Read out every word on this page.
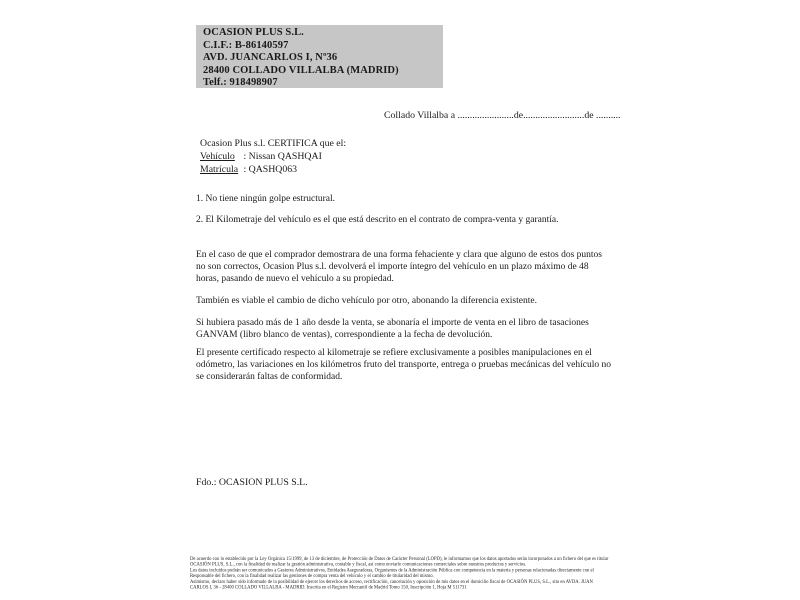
OCASION PLUS S.L.
C.I.F.: B-86140597
AVD. JUANCARLOS I, Nº36
28400 COLLADO VILLALBA (MADRID)
Telf.: 918498907
Collado Villalba a .......................de.........................de ..........
Ocasion Plus s.l. CERTIFICA que el:
Vehículo : Nissan QASHQAI
Matrícula : QASHQ063
1. No tiene ningún golpe estructural.
2. El Kilometraje del vehículo es el que está descrito en el contrato de compra-venta y garantía.
En el caso de que el comprador demostrara de una forma fehaciente y clara que alguno de estos dos puntos no son correctos, Ocasion Plus s.l. devolverá el importe íntegro del vehículo en un plazo máximo de 48 horas, pasando de nuevo el vehículo a su propiedad.
También es viable el cambio de dicho vehículo por otro, abonando la diferencia existente.
Si hubiera pasado más de 1 año desde la venta, se abonaría el importe de venta en el libro de tasaciones GANVAM (libro blanco de ventas), correspondiente a la fecha de devolución.
El presente certificado respecto al kilometraje se refiere exclusivamente a posibles manipulaciones en el odómetro, las variaciones en los kilómetros fruto del transporte, entrega o pruebas mecánicas del vehículo no se considerarán faltas de conformidad.
Fdo.: OCASION PLUS S.L.
De acuerdo con lo establecido por la Ley Orgánica 15/1999, de 13 de diciembre, de Protección de Datos de Carácter Personal (LOPD), le informamos que los datos aportados serán incorporados a un fichero del que es titular
OCASIÓN PLUS, S.L., con la finalidad de realizar la gestión administrativa, contable y fiscal, así como enviarle comunicaciones comerciales sobre nuestros productos y servicios.
Los datos incluidos podrán ser comunicados a Gestores Administrativos, Entidades Aseguradoras, Organismos de la Administración Pública con competencia en la materia y personas relacionadas directamente con el
Responsable del fichero, con la finalidad realizar las gestiones de compra venta del vehículo y el cambio de titularidad del mismo.
Asimismo, declaro haber sido informado de la posibilidad de ejercer los derechos de acceso, rectificación, cancelación y oposición de mis datos en el domicilio fiscal de OCASIÓN PLUS, S.L., sito en AVDA. JUAN
CARLOS I, 36 - 28400 COLLADO VILLALBA - MADRID. Inscrita en el Registro Mercantil de Madrid Tomo 150, Inscripción 1, Hoja M 511731
